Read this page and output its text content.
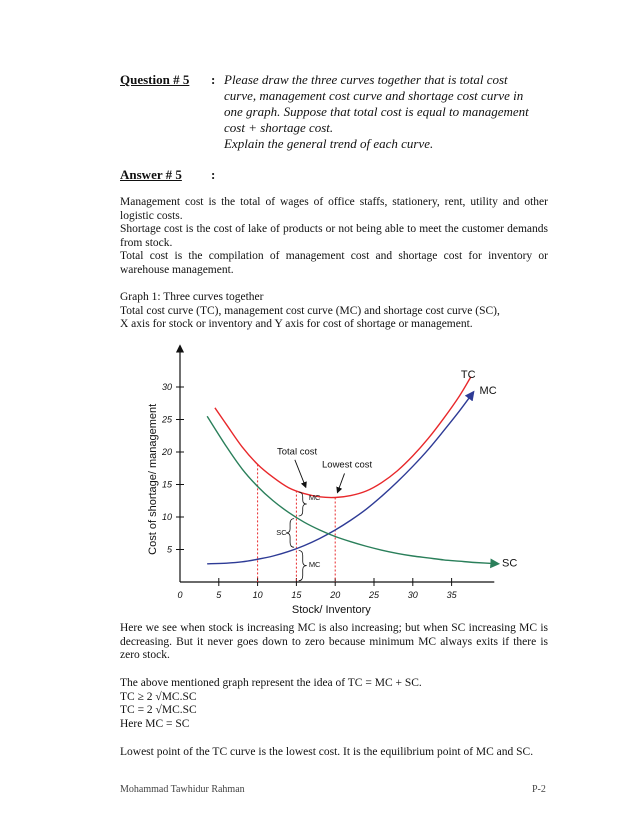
Question # 5 : Please draw the three curves together that is total cost
curve, management cost curve and shortage cost curve in
one graph. Suppose that total cost is equal to management
cost + shortage cost.
Explain the general trend of each curve.
Answer # 5 :
Management cost is the total of wages of office staffs, stationery, rent, utility and other logistic costs.
Shortage cost is the cost of lake of products or not being able to meet the customer demands from stock.
Total cost is the compilation of management cost and shortage cost for inventory or warehouse management.
Graph 1: Three curves together
Total cost curve (TC), management cost curve (MC) and shortage cost curve (SC),
X axis for stock or inventory and Y axis for cost of shortage or management.
0	5	10	15	20	25	30	35
5
10
15
20
25
30
Stock/ Inventory
Cost of shortage/ management
TC
MC
SC
Total cost
Lowest cost
MC
SC
MC
Here we see when stock is increasing MC is also increasing; but when SC increasing MC is decreasing. But it never goes down to zero because minimum MC always exits if there is zero stock.
The above mentioned graph represent the idea of TC = MC + SC.
TC ≥ 2 √MC.SC
TC = 2 √MC.SC
Here MC = SC
Lowest point of the TC curve is the lowest cost. It is the equilibrium point of MC and SC.
Mohammad Tawhidur Rahman	P-2
